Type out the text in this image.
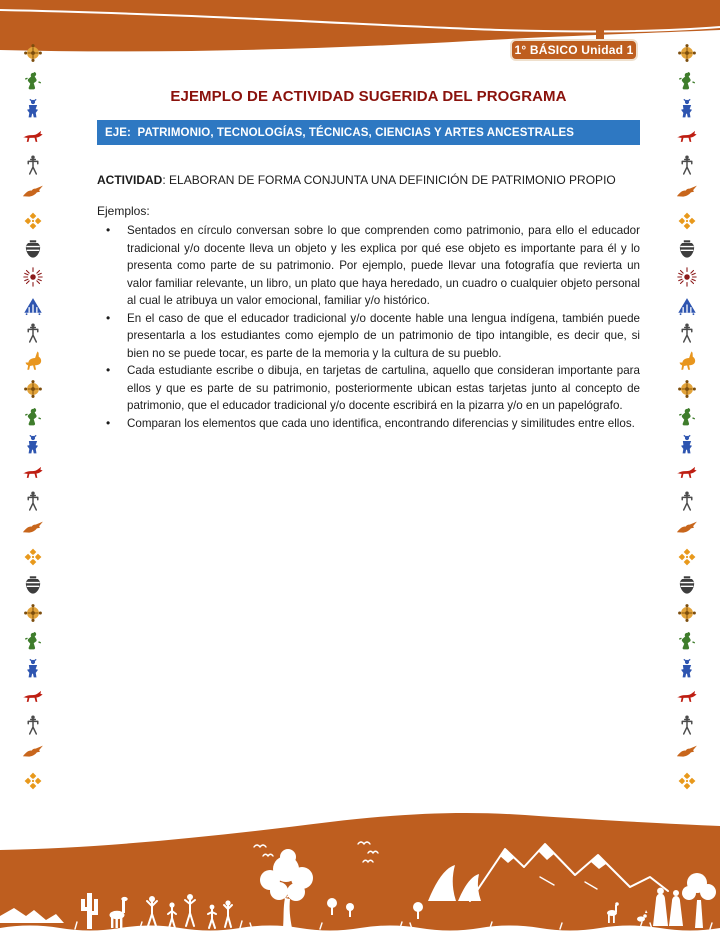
1° BÁSICO Unidad 1
EJEMPLO DE ACTIVIDAD SUGERIDA DEL PROGRAMA
EJE:  PATRIMONIO, TECNOLOGÍAS, TÉCNICAS, CIENCIAS Y ARTES ANCESTRALES
ACTIVIDAD: ELABORAN DE FORMA CONJUNTA UNA DEFINICIÓN DE PATRIMONIO PROPIO
Ejemplos:
• Sentados en círculo conversan sobre lo que comprenden como patrimonio, para ello el educador tradicional y/o docente lleva un objeto y les explica por qué ese objeto es importante para él y lo presenta como parte de su patrimonio. Por ejemplo, puede llevar una fotografía que revierta un valor familiar relevante, un libro, un plato que haya heredado, un cuadro o cualquier objeto personal al cual le atribuya un valor emocional, familiar y/o histórico.
• En el caso de que el educador tradicional y/o docente hable una lengua indígena, también puede presentarla a los estudiantes como ejemplo de un patrimonio de tipo intangible, es decir que, si bien no se puede tocar, es parte de la memoria y la cultura de su pueblo.
• Cada estudiante escribe o dibuja, en tarjetas de cartulina, aquello que consideran importante para ellos y que es parte de su patrimonio, posteriormente ubican estas tarjetas junto al concepto de patrimonio, que el educador tradicional y/o docente escribirá en la pizarra y/o en un papelógrafo.
• Comparan los elementos que cada uno identifica, encontrando diferencias y similitudes entre ellos.
